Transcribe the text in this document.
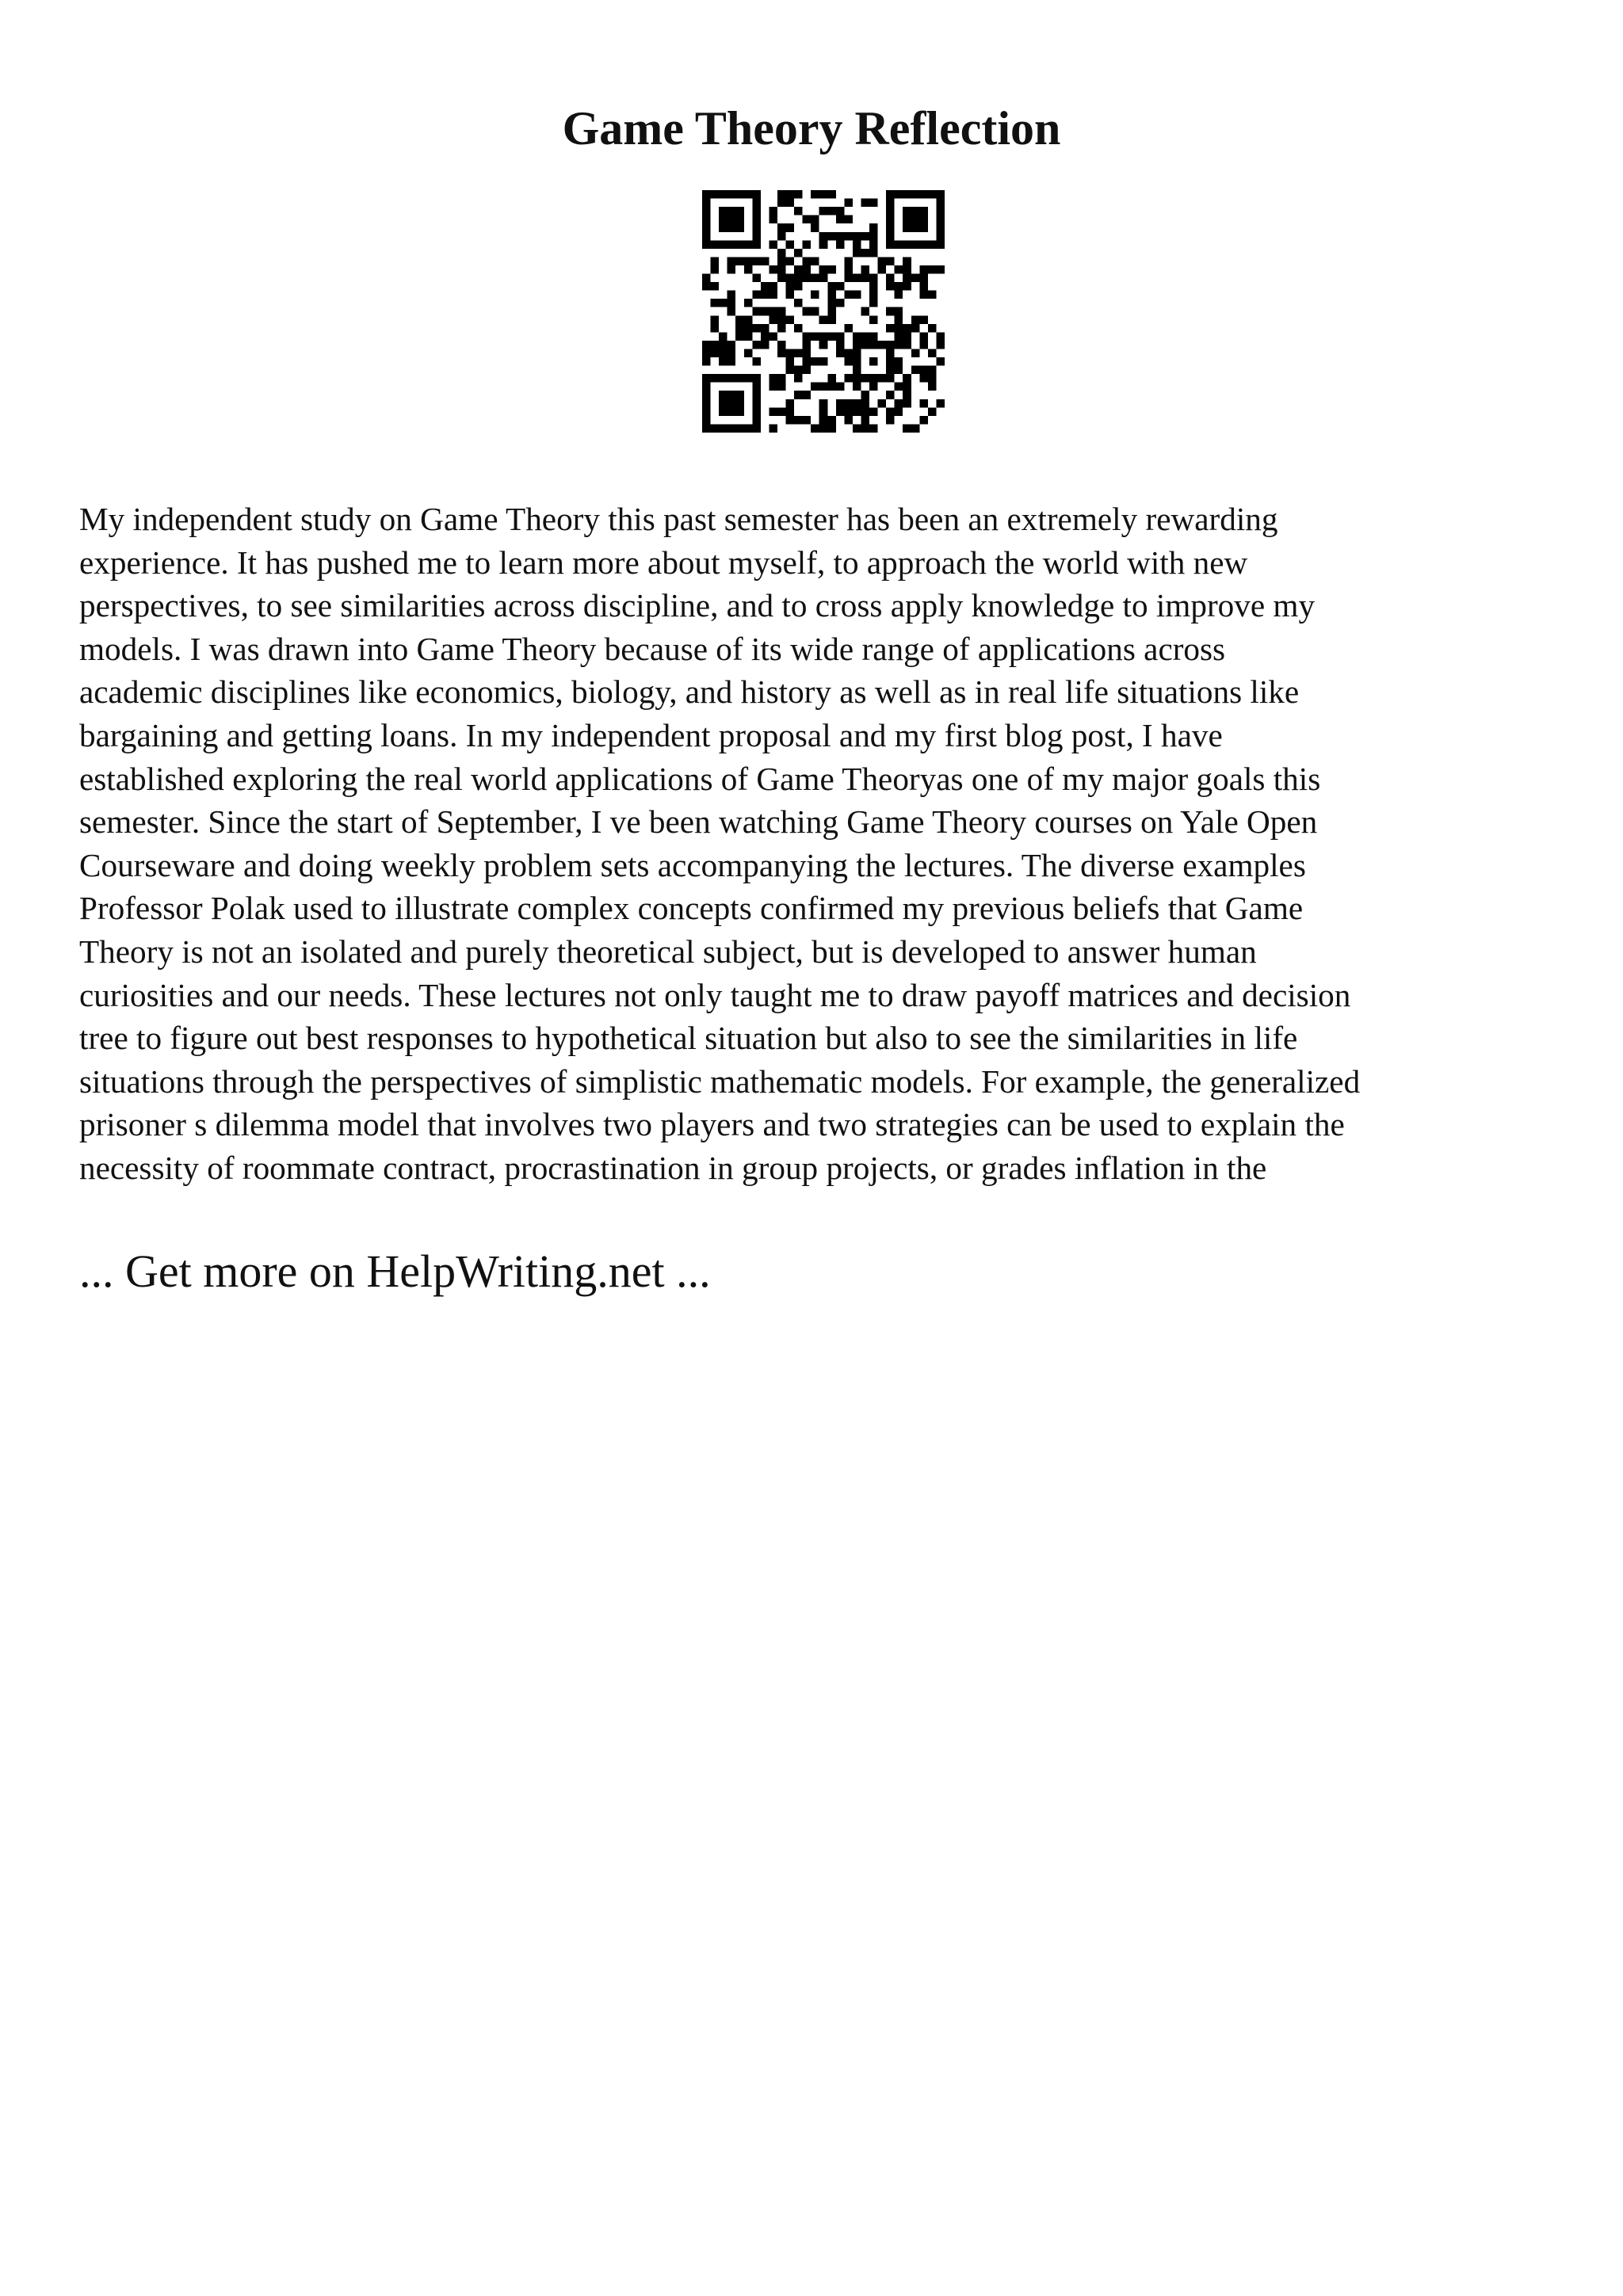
Game Theory Reflection
My independent study on Game Theory this past semester has been an extremely rewarding
experience. It has pushed me to learn more about myself, to approach the world with new
perspectives, to see similarities across discipline, and to cross apply knowledge to improve my
models. I was drawn into Game Theory because of its wide range of applications across
academic disciplines like economics, biology, and history as well as in real life situations like
bargaining and getting loans. In my independent proposal and my first blog post, I have
established exploring the real world applications of Game Theoryas one of my major goals this
semester. Since the start of September, I ve been watching Game Theory courses on Yale Open
Courseware and doing weekly problem sets accompanying the lectures. The diverse examples
Professor Polak used to illustrate complex concepts confirmed my previous beliefs that Game
Theory is not an isolated and purely theoretical subject, but is developed to answer human
curiosities and our needs. These lectures not only taught me to draw payoff matrices and decision
tree to figure out best responses to hypothetical situation but also to see the similarities in life
situations through the perspectives of simplistic mathematic models. For example, the generalized
prisoner s dilemma model that involves two players and two strategies can be used to explain the
necessity of roommate contract, procrastination in group projects, or grades inflation in the
... Get more on HelpWriting.net ...
